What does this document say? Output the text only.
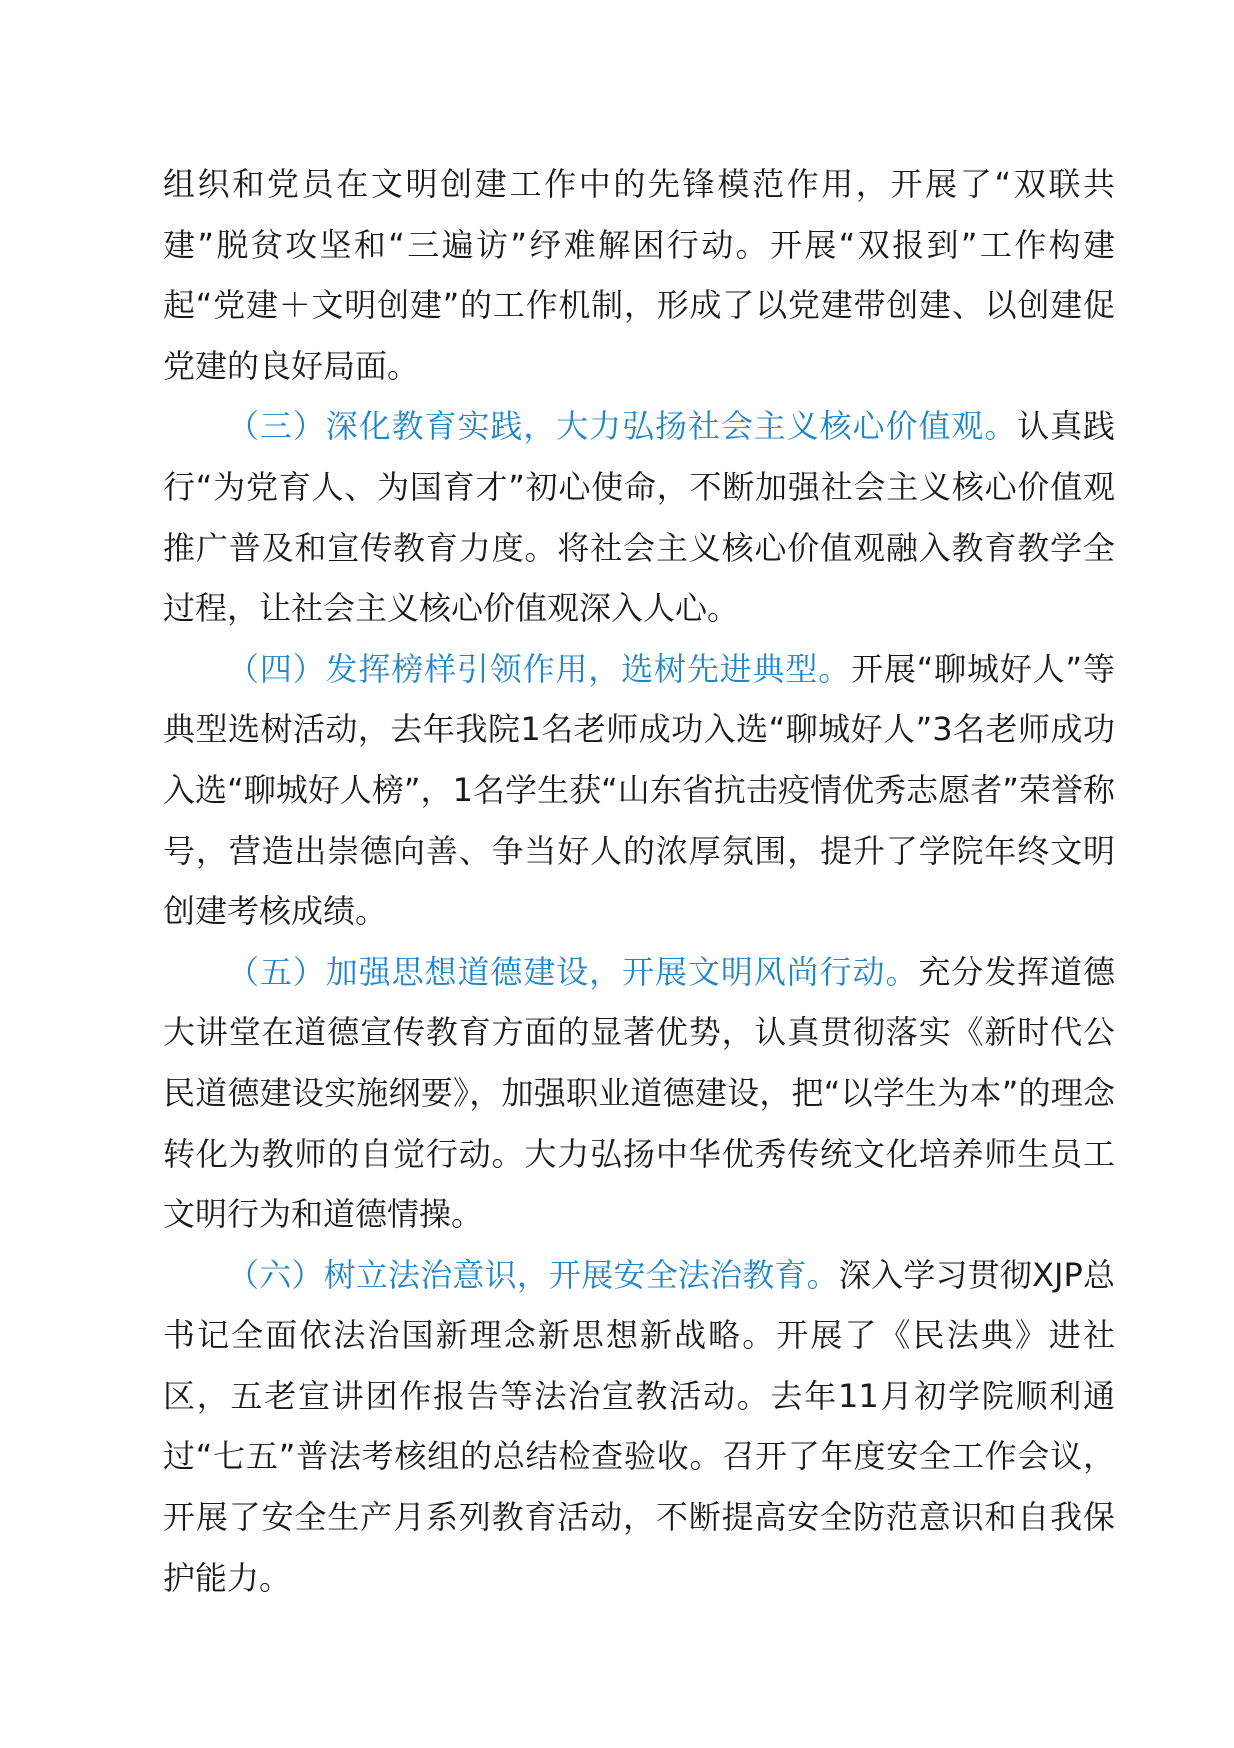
组织和党员在文明创建工作中的先锋模范作用，开展了“双联共建”脱贫攻坚和“三遍访”纾难解困行动。开展“双报到”工作构建起“党建＋文明创建”的工作机制，形成了以党建带创建、以创建促党建的良好局面。

（三）深化教育实践，大力弘扬社会主义核心价值观。认真践行“为党育人、为国育才”初心使命，不断加强社会主义核心价值观推广普及和宣传教育力度。将社会主义核心价值观融入教育教学全过程，让社会主义核心价值观深入人心。

（四）发挥榜样引领作用，选树先进典型。开展“聊城好人”等典型选树活动，去年我院1名老师成功入选“聊城好人”3名老师成功入选“聊城好人榜”，1名学生获“山东省抗击疫情优秀志愿者”荣誉称号，营造出崇德向善、争当好人的浓厚氛围，提升了学院年终文明创建考核成绩。

（五）加强思想道德建设，开展文明风尚行动。充分发挥道德大讲堂在道德宣传教育方面的显著优势，认真贯彻落实《新时代公民道德建设实施纲要》，加强职业道德建设，把“以学生为本”的理念转化为教师的自觉行动。大力弘扬中华优秀传统文化培养师生员工文明行为和道德情操。

（六）树立法治意识，开展安全法治教育。深入学习贯彻XJP总书记全面依法治国新理念新思想新战略。开展了《民法典》进社区，五老宣讲团作报告等法治宣教活动。去年11月初学院顺利通过“七五”普法考核组的总结检查验收。召开了年度安全工作会议，开展了安全生产月系列教育活动，不断提高安全防范意识和自我保护能力。
